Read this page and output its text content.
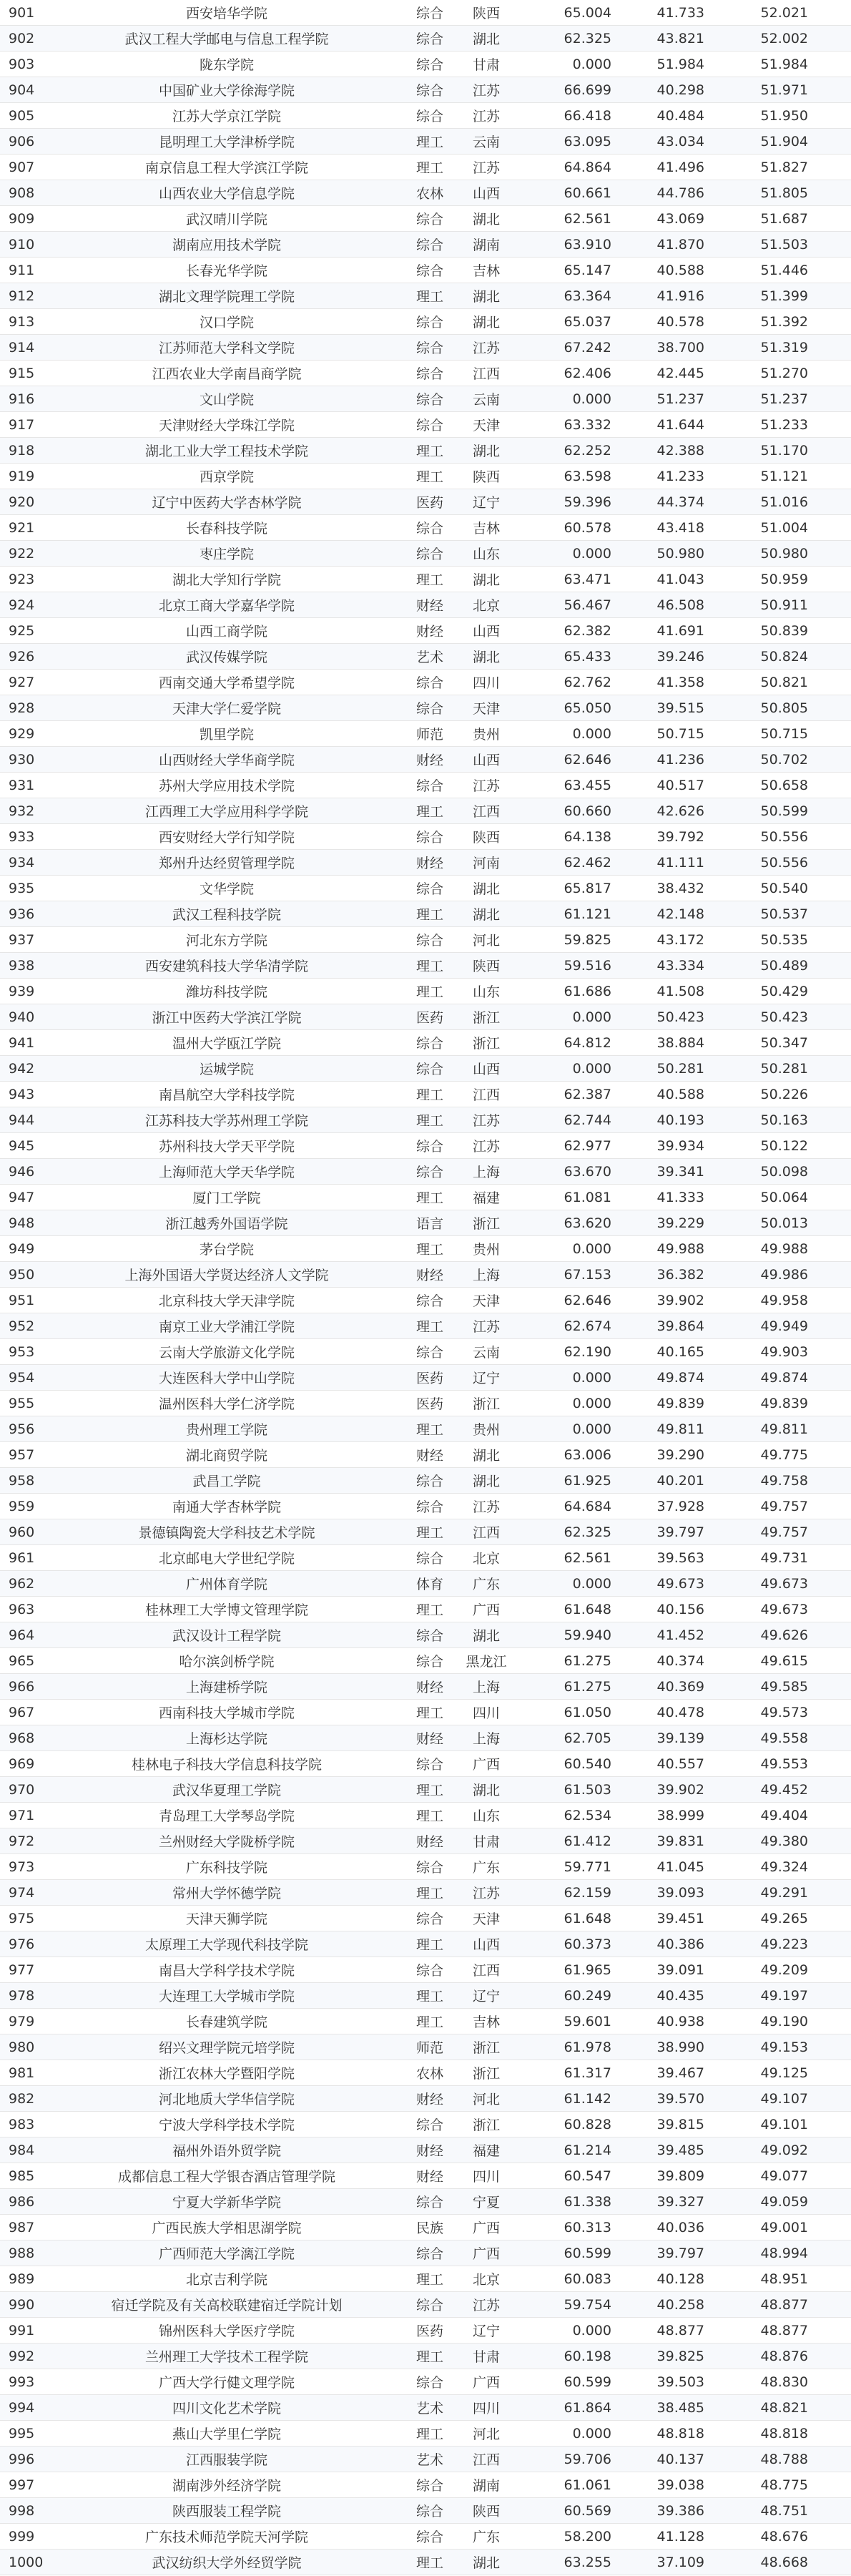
901	西安培华学院	综合	陕西	65.004	41.733	52.021
902	武汉工程大学邮电与信息工程学院	综合	湖北	62.325	43.821	52.002
903	陇东学院	综合	甘肃	0.000	51.984	51.984
904	中国矿业大学徐海学院	综合	江苏	66.699	40.298	51.971
905	江苏大学京江学院	综合	江苏	66.418	40.484	51.950
906	昆明理工大学津桥学院	理工	云南	63.095	43.034	51.904
907	南京信息工程大学滨江学院	理工	江苏	64.864	41.496	51.827
908	山西农业大学信息学院	农林	山西	60.661	44.786	51.805
909	武汉晴川学院	综合	湖北	62.561	43.069	51.687
910	湖南应用技术学院	综合	湖南	63.910	41.870	51.503
911	长春光华学院	综合	吉林	65.147	40.588	51.446
912	湖北文理学院理工学院	理工	湖北	63.364	41.916	51.399
913	汉口学院	综合	湖北	65.037	40.578	51.392
914	江苏师范大学科文学院	综合	江苏	67.242	38.700	51.319
915	江西农业大学南昌商学院	综合	江西	62.406	42.445	51.270
916	文山学院	综合	云南	0.000	51.237	51.237
917	天津财经大学珠江学院	综合	天津	63.332	41.644	51.233
918	湖北工业大学工程技术学院	理工	湖北	62.252	42.388	51.170
919	西京学院	理工	陕西	63.598	41.233	51.121
920	辽宁中医药大学杏林学院	医药	辽宁	59.396	44.374	51.016
921	长春科技学院	综合	吉林	60.578	43.418	51.004
922	枣庄学院	综合	山东	0.000	50.980	50.980
923	湖北大学知行学院	理工	湖北	63.471	41.043	50.959
924	北京工商大学嘉华学院	财经	北京	56.467	46.508	50.911
925	山西工商学院	财经	山西	62.382	41.691	50.839
926	武汉传媒学院	艺术	湖北	65.433	39.246	50.824
927	西南交通大学希望学院	综合	四川	62.762	41.358	50.821
928	天津大学仁爱学院	综合	天津	65.050	39.515	50.805
929	凯里学院	师范	贵州	0.000	50.715	50.715
930	山西财经大学华商学院	财经	山西	62.646	41.236	50.702
931	苏州大学应用技术学院	综合	江苏	63.455	40.517	50.658
932	江西理工大学应用科学学院	理工	江西	60.660	42.626	50.599
933	西安财经大学行知学院	综合	陕西	64.138	39.792	50.556
934	郑州升达经贸管理学院	财经	河南	62.462	41.111	50.556
935	文华学院	综合	湖北	65.817	38.432	50.540
936	武汉工程科技学院	理工	湖北	61.121	42.148	50.537
937	河北东方学院	综合	河北	59.825	43.172	50.535
938	西安建筑科技大学华清学院	理工	陕西	59.516	43.334	50.489
939	潍坊科技学院	理工	山东	61.686	41.508	50.429
940	浙江中医药大学滨江学院	医药	浙江	0.000	50.423	50.423
941	温州大学瓯江学院	综合	浙江	64.812	38.884	50.347
942	运城学院	综合	山西	0.000	50.281	50.281
943	南昌航空大学科技学院	理工	江西	62.387	40.588	50.226
944	江苏科技大学苏州理工学院	理工	江苏	62.744	40.193	50.163
945	苏州科技大学天平学院	综合	江苏	62.977	39.934	50.122
946	上海师范大学天华学院	综合	上海	63.670	39.341	50.098
947	厦门工学院	理工	福建	61.081	41.333	50.064
948	浙江越秀外国语学院	语言	浙江	63.620	39.229	50.013
949	茅台学院	理工	贵州	0.000	49.988	49.988
950	上海外国语大学贤达经济人文学院	财经	上海	67.153	36.382	49.986
951	北京科技大学天津学院	综合	天津	62.646	39.902	49.958
952	南京工业大学浦江学院	理工	江苏	62.674	39.864	49.949
953	云南大学旅游文化学院	综合	云南	62.190	40.165	49.903
954	大连医科大学中山学院	医药	辽宁	0.000	49.874	49.874
955	温州医科大学仁济学院	医药	浙江	0.000	49.839	49.839
956	贵州理工学院	理工	贵州	0.000	49.811	49.811
957	湖北商贸学院	财经	湖北	63.006	39.290	49.775
958	武昌工学院	综合	湖北	61.925	40.201	49.758
959	南通大学杏林学院	综合	江苏	64.684	37.928	49.757
960	景德镇陶瓷大学科技艺术学院	理工	江西	62.325	39.797	49.757
961	北京邮电大学世纪学院	综合	北京	62.561	39.563	49.731
962	广州体育学院	体育	广东	0.000	49.673	49.673
963	桂林理工大学博文管理学院	理工	广西	61.648	40.156	49.673
964	武汉设计工程学院	综合	湖北	59.940	41.452	49.626
965	哈尔滨剑桥学院	综合	黑龙江	61.275	40.374	49.615
966	上海建桥学院	财经	上海	61.275	40.369	49.585
967	西南科技大学城市学院	理工	四川	61.050	40.478	49.573
968	上海杉达学院	财经	上海	62.705	39.139	49.558
969	桂林电子科技大学信息科技学院	综合	广西	60.540	40.557	49.553
970	武汉华夏理工学院	理工	湖北	61.503	39.902	49.452
971	青岛理工大学琴岛学院	理工	山东	62.534	38.999	49.404
972	兰州财经大学陇桥学院	财经	甘肃	61.412	39.831	49.380
973	广东科技学院	综合	广东	59.771	41.045	49.324
974	常州大学怀德学院	理工	江苏	62.159	39.093	49.291
975	天津天狮学院	综合	天津	61.648	39.451	49.265
976	太原理工大学现代科技学院	理工	山西	60.373	40.386	49.223
977	南昌大学科学技术学院	综合	江西	61.965	39.091	49.209
978	大连理工大学城市学院	理工	辽宁	60.249	40.435	49.197
979	长春建筑学院	理工	吉林	59.601	40.938	49.190
980	绍兴文理学院元培学院	师范	浙江	61.978	38.990	49.153
981	浙江农林大学暨阳学院	农林	浙江	61.317	39.467	49.125
982	河北地质大学华信学院	财经	河北	61.142	39.570	49.107
983	宁波大学科学技术学院	综合	浙江	60.828	39.815	49.101
984	福州外语外贸学院	财经	福建	61.214	39.485	49.092
985	成都信息工程大学银杏酒店管理学院	财经	四川	60.547	39.809	49.077
986	宁夏大学新华学院	综合	宁夏	61.338	39.327	49.059
987	广西民族大学相思湖学院	民族	广西	60.313	40.036	49.001
988	广西师范大学漓江学院	综合	广西	60.599	39.797	48.994
989	北京吉利学院	理工	北京	60.083	40.128	48.951
990	宿迁学院及有关高校联建宿迁学院计划	综合	江苏	59.754	40.258	48.877
991	锦州医科大学医疗学院	医药	辽宁	0.000	48.877	48.877
992	兰州理工大学技术工程学院	理工	甘肃	60.198	39.825	48.876
993	广西大学行健文理学院	综合	广西	60.599	39.503	48.830
994	四川文化艺术学院	艺术	四川	61.864	38.485	48.821
995	燕山大学里仁学院	理工	河北	0.000	48.818	48.818
996	江西服装学院	艺术	江西	59.706	40.137	48.788
997	湖南涉外经济学院	综合	湖南	61.061	39.038	48.775
998	陕西服装工程学院	综合	陕西	60.569	39.386	48.751
999	广东技术师范学院天河学院	综合	广东	58.200	41.128	48.676
1000	武汉纺织大学外经贸学院	理工	湖北	63.255	37.109	48.668
